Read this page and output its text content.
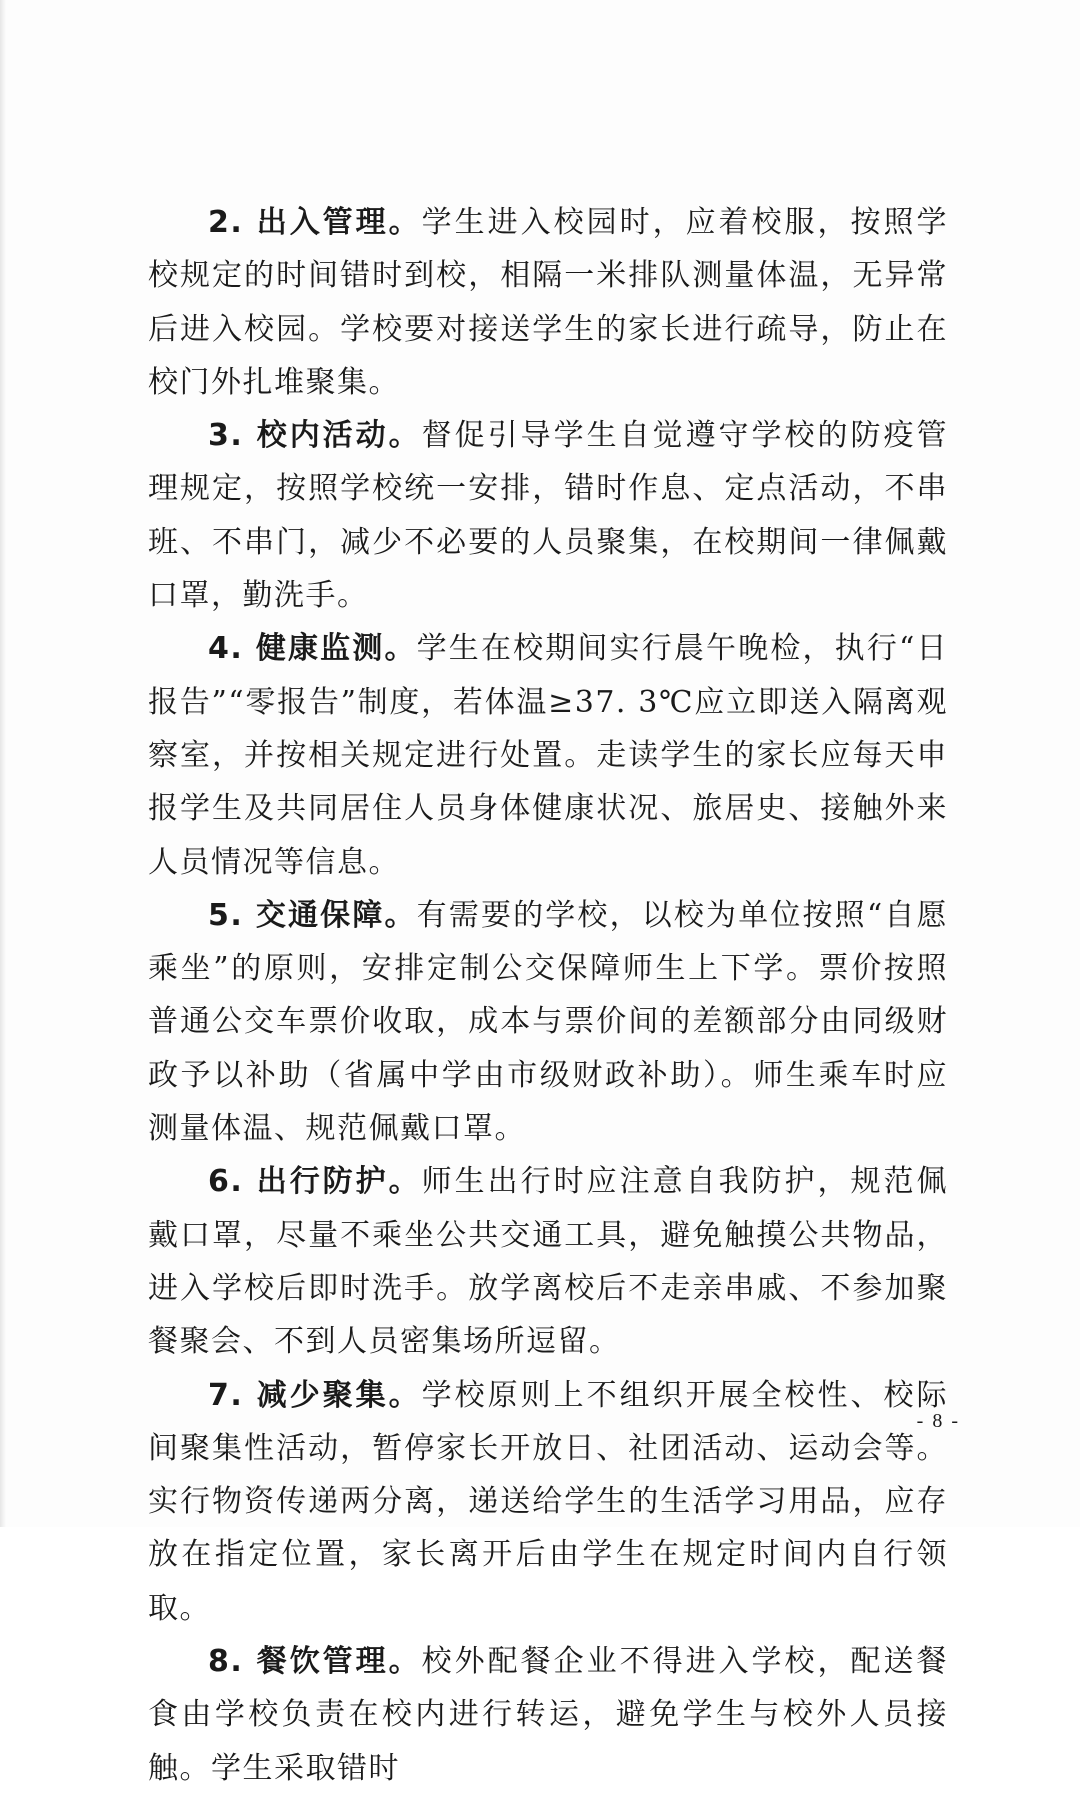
2. 出入管理。学生进入校园时，应着校服，按照学校规定的时间错时到校，相隔一米排队测量体温，无异常后进入校园。学校要对接送学生的家长进行疏导，防止在校门外扎堆聚集。

3. 校内活动。督促引导学生自觉遵守学校的防疫管理规定，按照学校统一安排，错时作息、定点活动，不串班、不串门，减少不必要的人员聚集，在校期间一律佩戴口罩，勤洗手。

4. 健康监测。学生在校期间实行晨午晚检，执行“日报告”“零报告”制度，若体温≥37. 3℃应立即送入隔离观察室，并按相关规定进行处置。走读学生的家长应每天申报学生及共同居住人员身体健康状况、旅居史、接触外来人员情况等信息。

5. 交通保障。有需要的学校，以校为单位按照“自愿乘坐”的原则，安排定制公交保障师生上下学。票价按照普通公交车票价收取，成本与票价间的差额部分由同级财政予以补助（省属中学由市级财政补助）。师生乘车时应测量体温、规范佩戴口罩。

6. 出行防护。师生出行时应注意自我防护，规范佩戴口罩，尽量不乘坐公共交通工具，避免触摸公共物品，进入学校后即时洗手。放学离校后不走亲串戚、不参加聚餐聚会、不到人员密集场所逗留。

7. 减少聚集。学校原则上不组织开展全校性、校际间聚集性活动，暂停家长开放日、社团活动、运动会等。实行物资传递两分离，递送给学生的生活学习用品，应存放在指定位置，家长离开后由学生在规定时间内自行领取。

8. 餐饮管理。校外配餐企业不得进入学校，配送餐食由学校负责在校内进行转运，避免学生与校外人员接触。学生采取错时

- 8 -
